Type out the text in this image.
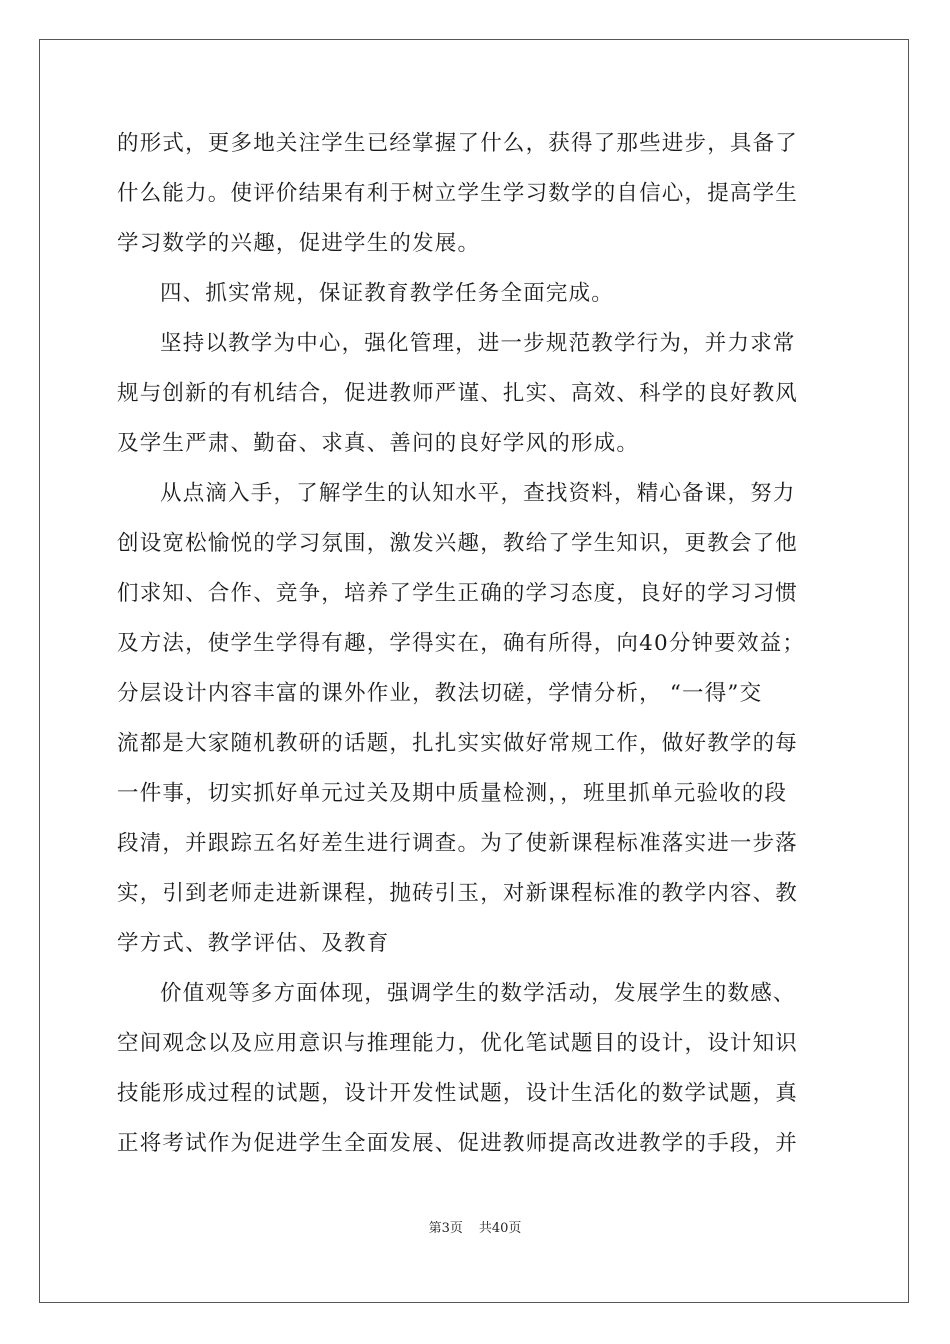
的形式，更多地关注学生已经掌握了什么，获得了那些进步，具备了
什么能力。使评价结果有利于树立学生学习数学的自信心，提高学生
学习数学的兴趣，促进学生的发展。
四、抓实常规，保证教育教学任务全面完成。
坚持以教学为中心，强化管理，进一步规范教学行为，并力求常
规与创新的有机结合，促进教师严谨、扎实、高效、科学的良好教风
及学生严肃、勤奋、求真、善问的良好学风的形成。
从点滴入手，了解学生的认知水平，查找资料，精心备课，努力
创设宽松愉悦的学习氛围，激发兴趣，教给了学生知识，更教会了他
们求知、合作、竞争，培养了学生正确的学习态度，良好的学习习惯
及方法，使学生学得有趣，学得实在，确有所得，向40分钟要效益；
分层设计内容丰富的课外作业，教法切磋，学情分析， “一得”交
流都是大家随机教研的话题，扎扎实实做好常规工作，做好教学的每
一件事，切实抓好单元过关及期中质量检测，，班里抓单元验收的段
段清，并跟踪五名好差生进行调查。为了使新课程标准落实进一步落
实，引到老师走进新课程，抛砖引玉，对新课程标准的教学内容、教
学方式、教学评估、及教育
价值观等多方面体现，强调学生的数学活动，发展学生的数感、
空间观念以及应用意识与推理能力，优化笔试题目的设计，设计知识
技能形成过程的试题，设计开发性试题，设计生活化的数学试题，真
正将考试作为促进学生全面发展、促进教师提高改进教学的手段，并
第3页 共40页
